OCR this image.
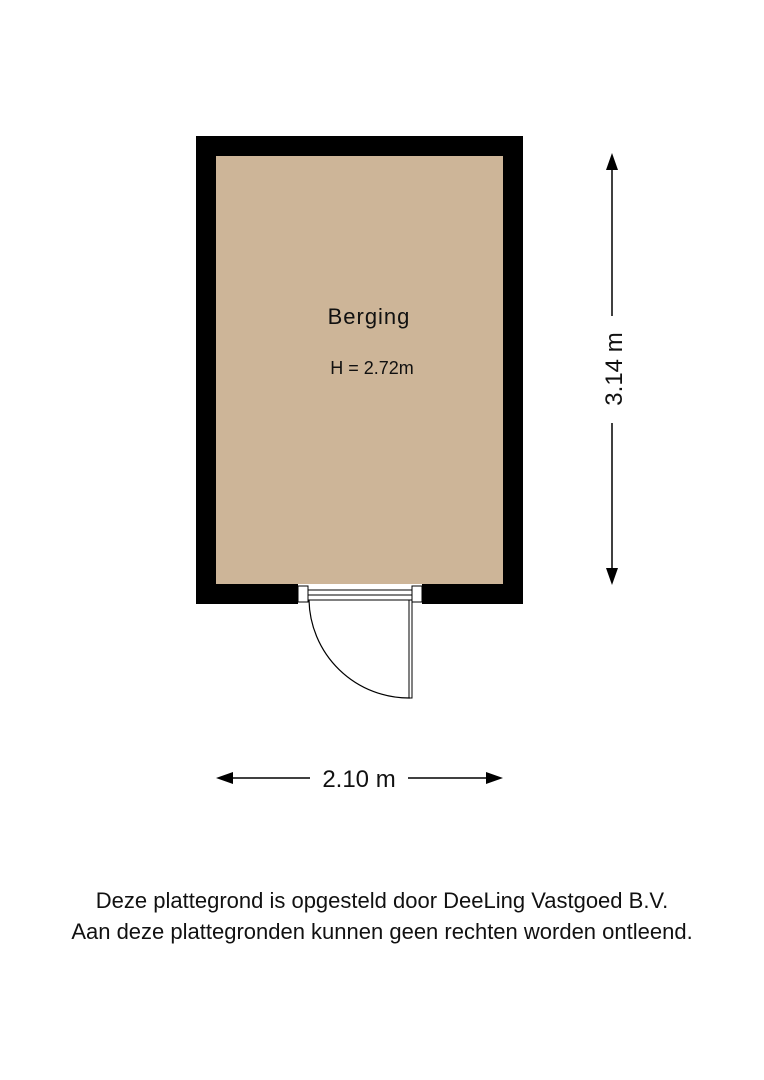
Berging
H = 2.72m	3.14 m
2.10 m
Deze plattegrond is opgesteld door DeeLing Vastgoed B.V.
Aan deze plattegronden kunnen geen rechten worden ontleend.
